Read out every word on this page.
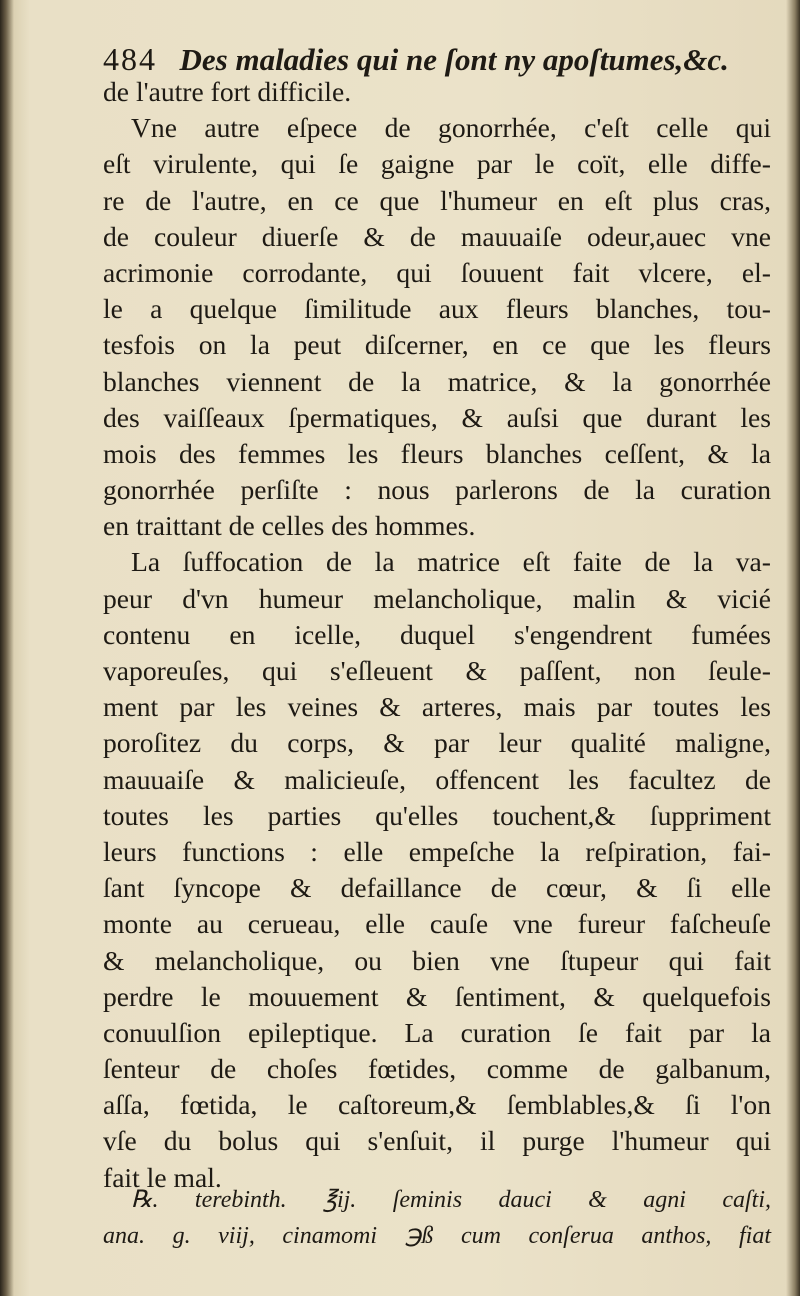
484 Des maladies qui ne ſont ny apoſtumes,&c.
de l'autre fort difficile.
Vne autre eſpece de gonorrhée, c'eſt celle qui
eſt virulente, qui ſe gaigne par le coït, elle diffe-
re de l'autre, en ce que l'humeur en eſt plus cras,
de couleur diuerſe & de mauuaiſe odeur,auec vne
acrimonie corrodante, qui ſouuent fait vlcere, el-
le a quelque ſimilitude aux fleurs blanches, tou-
tesfois on la peut diſcerner, en ce que les fleurs
blanches viennent de la matrice, & la gonorrhée
des vaiſſeaux ſpermatiques, & auſsi que durant les
mois des femmes les fleurs blanches ceſſent, & la
gonorrhée perſiſte : nous parlerons de la curation
en traittant de celles des hommes.
La ſuffocation de la matrice eſt faite de la va-
peur d'vn humeur melancholique, malin & vicié
contenu en icelle, duquel s'engendrent fumées
vaporeuſes, qui s'eſleuent & paſſent, non ſeule-
ment par les veines & arteres, mais par toutes les
poroſitez du corps, & par leur qualité maligne,
mauuaiſe & malicieuſe, offencent les facultez de
toutes les parties qu'elles touchent,& ſuppriment
leurs functions : elle empeſche la reſpiration, fai-
ſant ſyncope & defaillance de cœur, & ſi elle
monte au cerueau, elle cauſe vne fureur faſcheuſe
& melancholique, ou bien vne ſtupeur qui fait
perdre le mouuement & ſentiment, & quelquefois
conuulſion epileptique. La curation ſe fait par la
ſenteur de choſes fœtides, comme de galbanum,
aſſa, fœtida, le caſtoreum,& ſemblables,& ſi l'on
vſe du bolus qui s'enſuit, il purge l'humeur qui
fait le mal.
℞. terebinth. ℥ij. ſeminis dauci & agni caſti,
ana. g. viij, cinamomi ℈ß cum conſerua anthos, fiat
